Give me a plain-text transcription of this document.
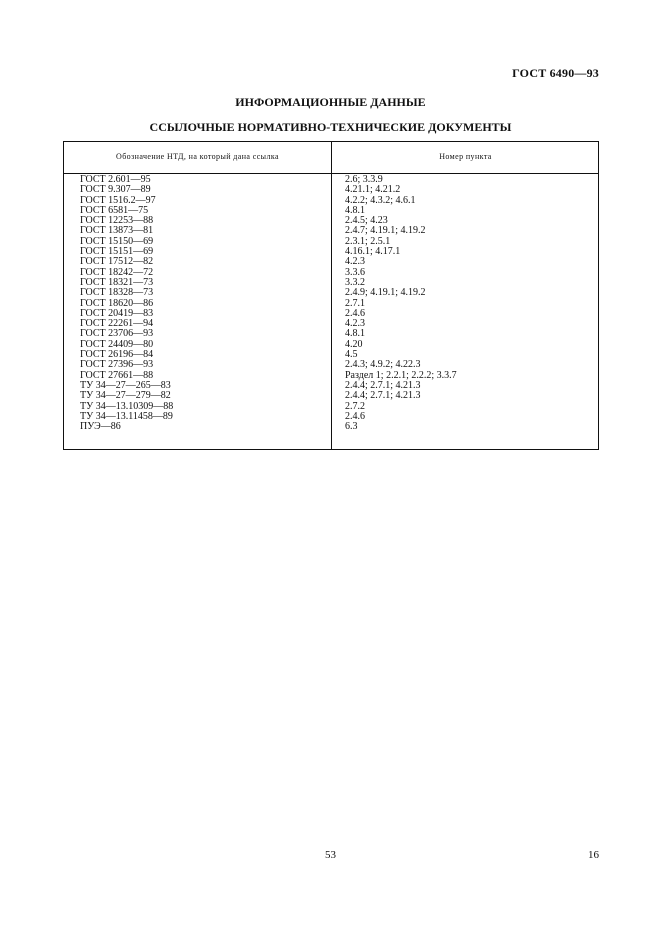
ГОСТ 6490—93
ИНФОРМАЦИОННЫЕ ДАННЫЕ
ССЫЛОЧНЫЕ НОРМАТИВНО-ТЕХНИЧЕСКИЕ ДОКУМЕНТЫ
Обозначение НТД, на который дана ссылка	Номер пункта
ГОСТ 2.601—95	2.6; 3.3.9
ГОСТ 9.307—89	4.21.1; 4.21.2
ГОСТ 1516.2—97	4.2.2; 4.3.2; 4.6.1
ГОСТ 6581—75	4.8.1
ГОСТ 12253—88	2.4.5; 4.23
ГОСТ 13873—81	2.4.7; 4.19.1; 4.19.2
ГОСТ 15150—69	2.3.1; 2.5.1
ГОСТ 15151—69	4.16.1; 4.17.1
ГОСТ 17512—82	4.2.3
ГОСТ 18242—72	3.3.6
ГОСТ 18321—73	3.3.2
ГОСТ 18328—73	2.4.9; 4.19.1; 4.19.2
ГОСТ 18620—86	2.7.1
ГОСТ 20419—83	2.4.6
ГОСТ 22261—94	4.2.3
ГОСТ 23706—93	4.8.1
ГОСТ 24409—80	4.20
ГОСТ 26196—84	4.5
ГОСТ 27396—93	2.4.3; 4.9.2; 4.22.3
ГОСТ 27661—88	Раздел 1; 2.2.1; 2.2.2; 3.3.7
ТУ 34—27—265—83	2.4.4; 2.7.1; 4.21.3
ТУ 34—27—279—82	2.4.4; 2.7.1; 4.21.3
ТУ 34—13.10309—88	2.7.2
ТУ 34—13.11458—89	2.4.6
ПУЭ—86	6.3
53	16
